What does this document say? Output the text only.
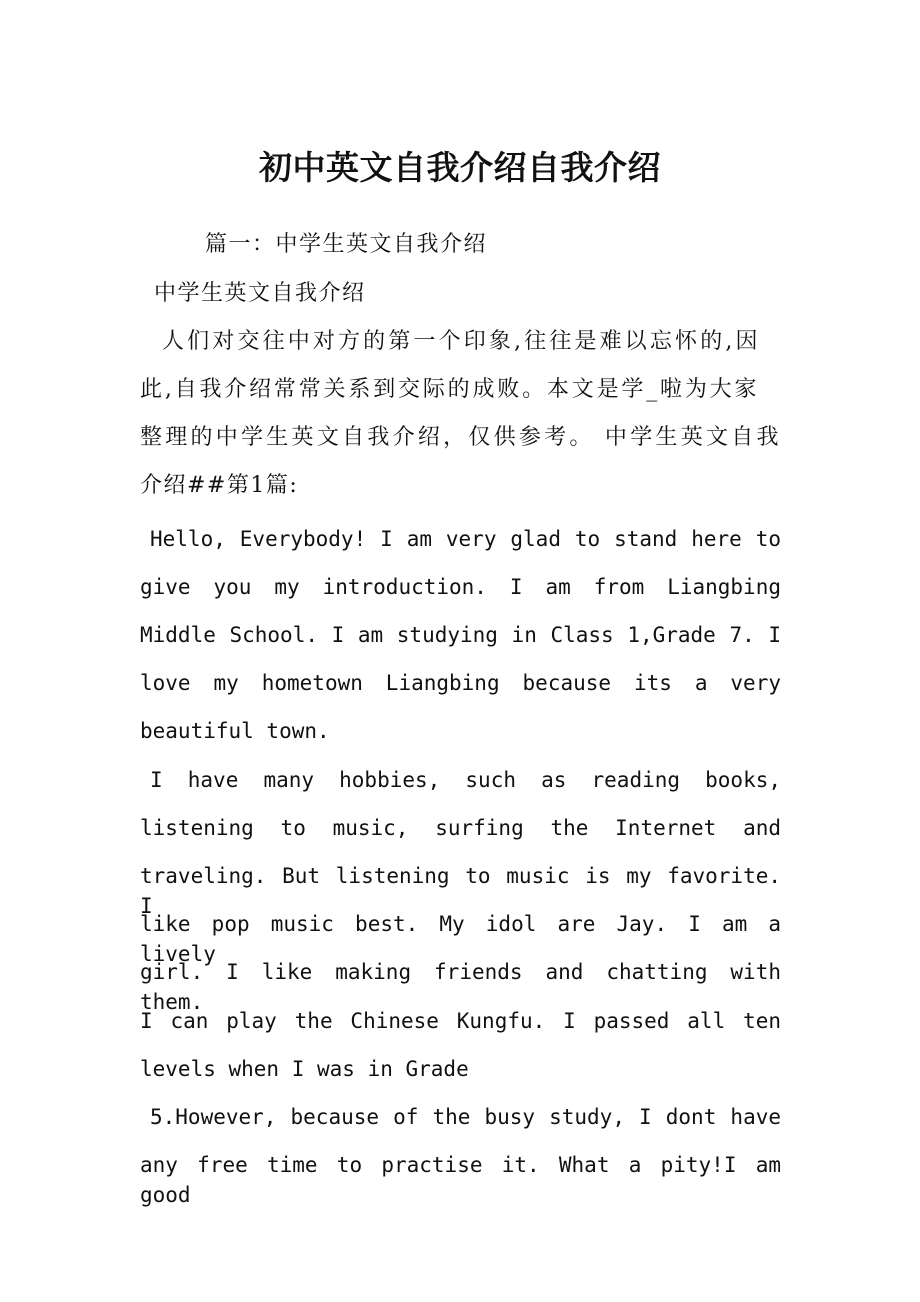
初中英文自我介绍自我介绍

篇一：中学生英文自我介绍

中学生英文自我介绍

人们对交往中对方的第一个印象,往往是难以忘怀的,因

此,自我介绍常常关系到交际的成败。本文是学_啦为大家

整理的中学生英文自我介绍，仅供参考。 中学生英文自我

介绍##第1篇:

Hello, Everybody! I am very glad to stand here to

give you my introduction. I am from Liangbing

Middle School. I am studying in Class 1,Grade 7. I

love my hometown Liangbing because its a very

beautiful town.

I have many hobbies, such as reading books,

listening to music, surfing the Internet and

traveling. But listening to music is my favorite. I

like pop music best. My idol are Jay. I am a lively

girl. I like making friends and chatting with them.

I can play the Chinese Kungfu. I passed all ten

levels when I was in Grade

5.However, because of the busy study, I dont have

any free time to practise it. What a pity!I am good
